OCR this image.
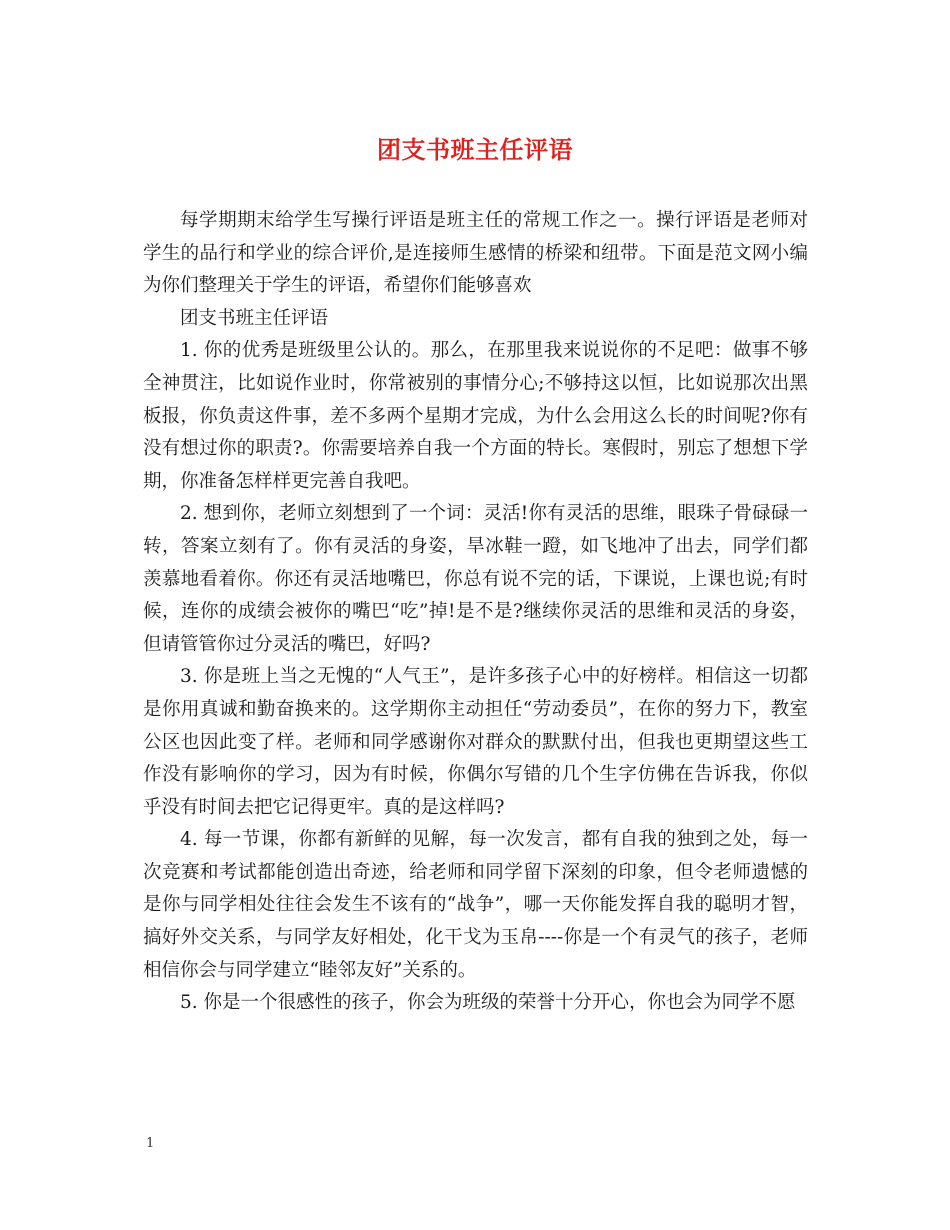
团支书班主任评语

每学期期末给学生写操行评语是班主任的常规工作之一。操行评语是老师对学生的品行和学业的综合评价,是连接师生感情的桥梁和纽带。下面是范文网小编为你们整理关于学生的评语，希望你们能够喜欢

团支书班主任评语

1. 你的优秀是班级里公认的。那么，在那里我来说说你的不足吧：做事不够全神贯注，比如说作业时，你常被别的事情分心;不够持这以恒，比如说那次出黑板报，你负责这件事，差不多两个星期才完成，为什么会用这么长的时间呢?你有没有想过你的职责?。你需要培养自我一个方面的特长。寒假时，别忘了想想下学期，你准备怎样样更完善自我吧。

2. 想到你，老师立刻想到了一个词：灵活!你有灵活的思维，眼珠子骨碌碌一转，答案立刻有了。你有灵活的身姿，旱冰鞋一蹬，如飞地冲了出去，同学们都羡慕地看着你。你还有灵活地嘴巴，你总有说不完的话，下课说，上课也说;有时候，连你的成绩会被你的嘴巴“吃”掉!是不是?继续你灵活的思维和灵活的身姿，但请管管你过分灵活的嘴巴，好吗?

3. 你是班上当之无愧的“人气王”，是许多孩子心中的好榜样。相信这一切都是你用真诚和勤奋换来的。这学期你主动担任“劳动委员”，在你的努力下，教室公区也因此变了样。老师和同学感谢你对群众的默默付出，但我也更期望这些工作没有影响你的学习，因为有时候，你偶尔写错的几个生字仿佛在告诉我，你似乎没有时间去把它记得更牢。真的是这样吗?

4. 每一节课，你都有新鲜的见解，每一次发言，都有自我的独到之处，每一次竞赛和考试都能创造出奇迹，给老师和同学留下深刻的印象，但令老师遗憾的是你与同学相处往往会发生不该有的“战争”，哪一天你能发挥自我的聪明才智，搞好外交关系，与同学友好相处，化干戈为玉帛----你是一个有灵气的孩子，老师相信你会与同学建立“睦邻友好”关系的。

5. 你是一个很感性的孩子，你会为班级的荣誉十分开心，你也会为同学不愿

1
